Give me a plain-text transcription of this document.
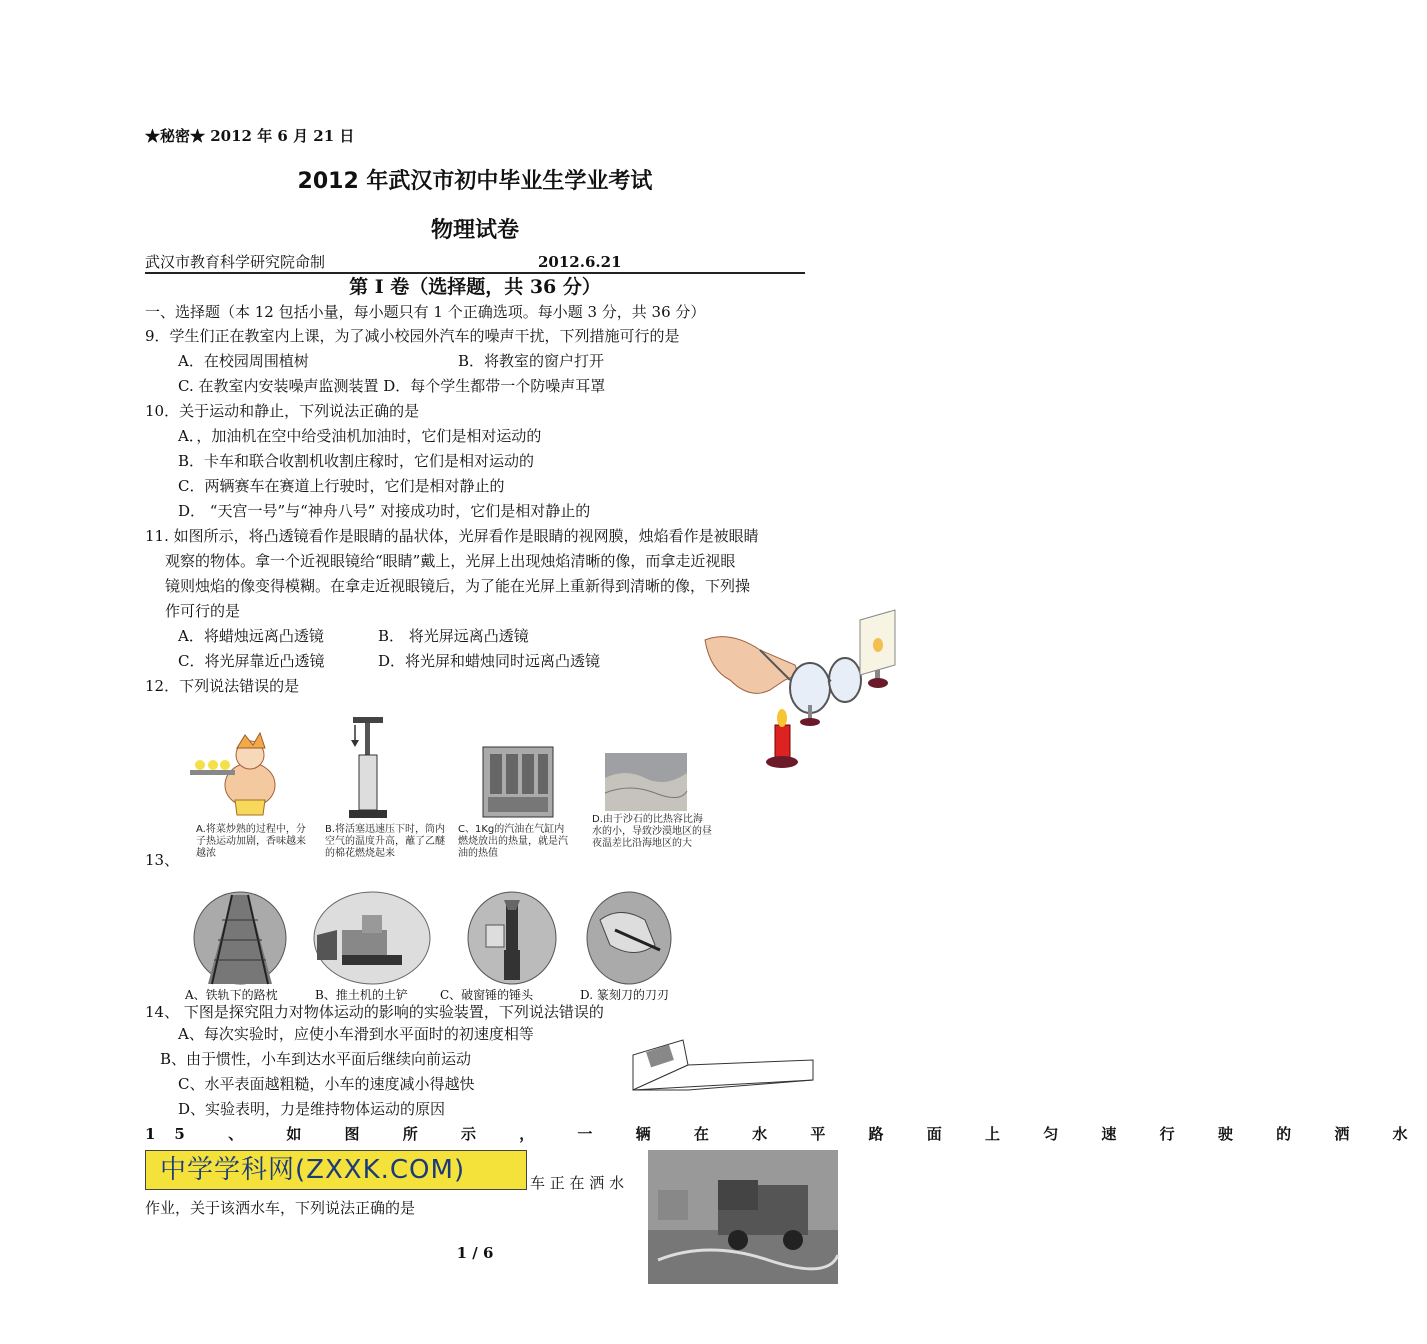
★秘密★ 2012 年 6 月 21 日
2012 年武汉市初中毕业生学业考试
物理试卷
武汉市教育科学研究院命制	2012.6.21
第 I 卷（选择题，共 36 分）
一、选择题（本 12 包括小量，每小题只有 1 个正确选项。每小题 3 分，共 36 分）
9．学生们正在教室内上课，为了减小校园外汽车的噪声干扰，下列措施可行的是
A．在校园周围植树	B．将教室的窗户打开
C. 在教室内安装噪声监测装置 D．每个学生都带一个防噪声耳罩
10．关于运动和静止，下列说法正确的是
A．，加油机在空中给受油机加油时，它们是相对运动的
B．卡车和联合收割机收割庄稼时，它们是相对运动的
C．两辆赛车在赛道上行驶时，它们是相对静止的
D． “天宫一号”与“神舟八号” 对接成功时，它们是相对静止的
11. 如图所示，将凸透镜看作是眼睛的晶状体，光屏看作是眼睛的视网膜，烛焰看作是被眼睛
观察的物体。拿一个近视眼镜给“眼睛”戴上，光屏上出现烛焰清晰的像，而拿走近视眼
镜则烛焰的像变得模糊。在拿走近视眼镜后，为了能在光屏上重新得到清晰的像，下列操
作可行的是
A．将蜡烛远离凸透镜	B． 将光屏远离凸透镜
C．将光屏靠近凸透镜	D．将光屏和蜡烛同时远离凸透镜
12．下列说法错误的是
A.将菜炒熟的过程中，分子热运动加剧，香味越来越浓
B.将活塞迅速压下时，筒内空气的温度升高，蘸了乙醚的棉花燃烧起来
C、1Kg的汽油在气缸内燃烧放出的热量，就是汽油的热值
D.由于沙石的比热容比海水的小，导致沙漠地区的昼夜温差比沿海地区的大
13、
A、铁轨下的路枕	B、推土机的土铲	C、破窗锤的锤头	D. 篆刻刀的刀刃
14、 下图是探究阻力对物体运动的影响的实验装置，下列说法错误的
A、每次实验时，应使小车滑到水平面时的初速度相等
B、由于惯性，小车到达水平面后继续向前运动
C、水平表面越粗糙，小车的速度减小得越快
D、实验表明，力是维持物体运动的原因
15 、 如 图 所 示 ， 一 辆 在 水 平 路 面 上 匀 速 行 驶 的 洒 水
中学学科网(ZXXK.COM)	车 正 在 洒 水
作业，关于该洒水车，下列说法正确的是
1 / 6
